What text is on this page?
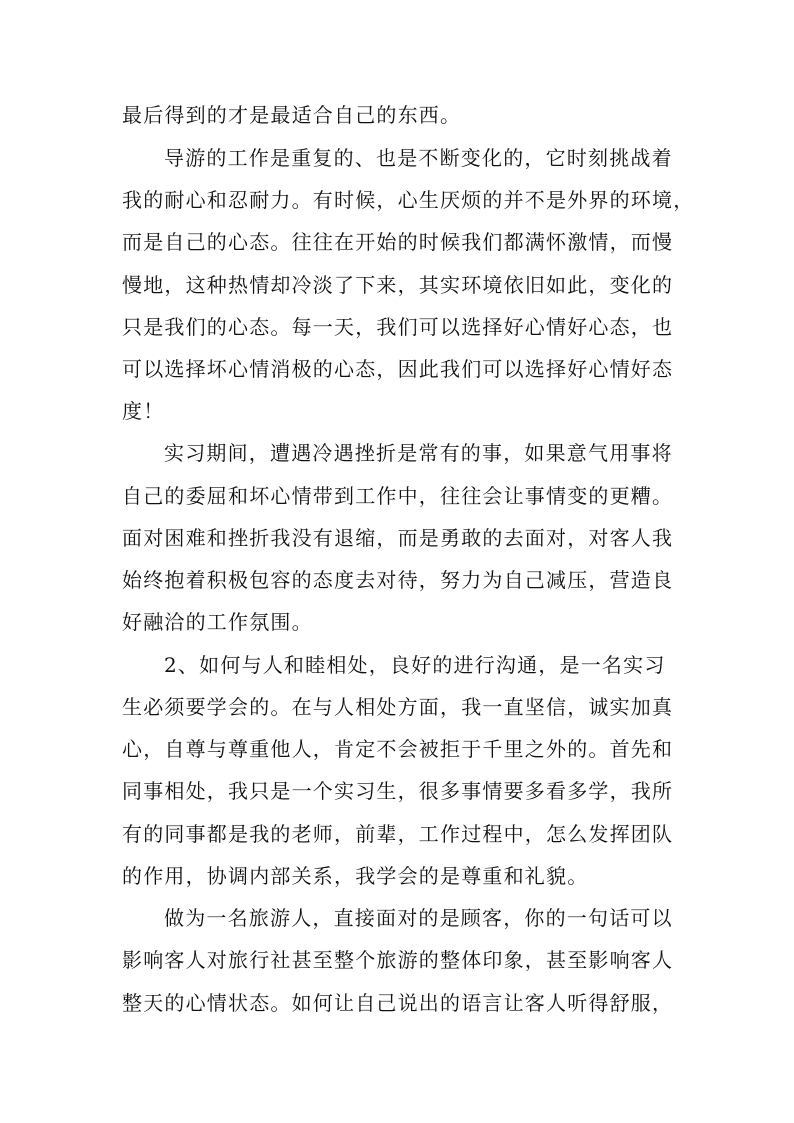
最后得到的才是最适合自己的东西。
导游的工作是重复的、也是不断变化的，它时刻挑战着
我的耐心和忍耐力。有时候，心生厌烦的并不是外界的环境，
而是自己的心态。往往在开始的时候我们都满怀激情，而慢
慢地，这种热情却冷淡了下来，其实环境依旧如此，变化的
只是我们的心态。每一天，我们可以选择好心情好心态，也
可以选择坏心情消极的心态，因此我们可以选择好心情好态
度！
实习期间，遭遇冷遇挫折是常有的事，如果意气用事将
自己的委屈和坏心情带到工作中，往往会让事情变的更糟。
面对困难和挫折我没有退缩，而是勇敢的去面对，对客人我
始终抱着积极包容的态度去对待，努力为自己减压，营造良
好融洽的工作氛围。
2、如何与人和睦相处，良好的进行沟通，是一名实习
生必须要学会的。在与人相处方面，我一直坚信，诚实加真
心，自尊与尊重他人，肯定不会被拒于千里之外的。首先和
同事相处，我只是一个实习生，很多事情要多看多学，我所
有的同事都是我的老师，前辈，工作过程中，怎么发挥团队
的作用，协调内部关系，我学会的是尊重和礼貌。
做为一名旅游人，直接面对的是顾客，你的一句话可以
影响客人对旅行社甚至整个旅游的整体印象，甚至影响客人
整天的心情状态。如何让自己说出的语言让客人听得舒服，
